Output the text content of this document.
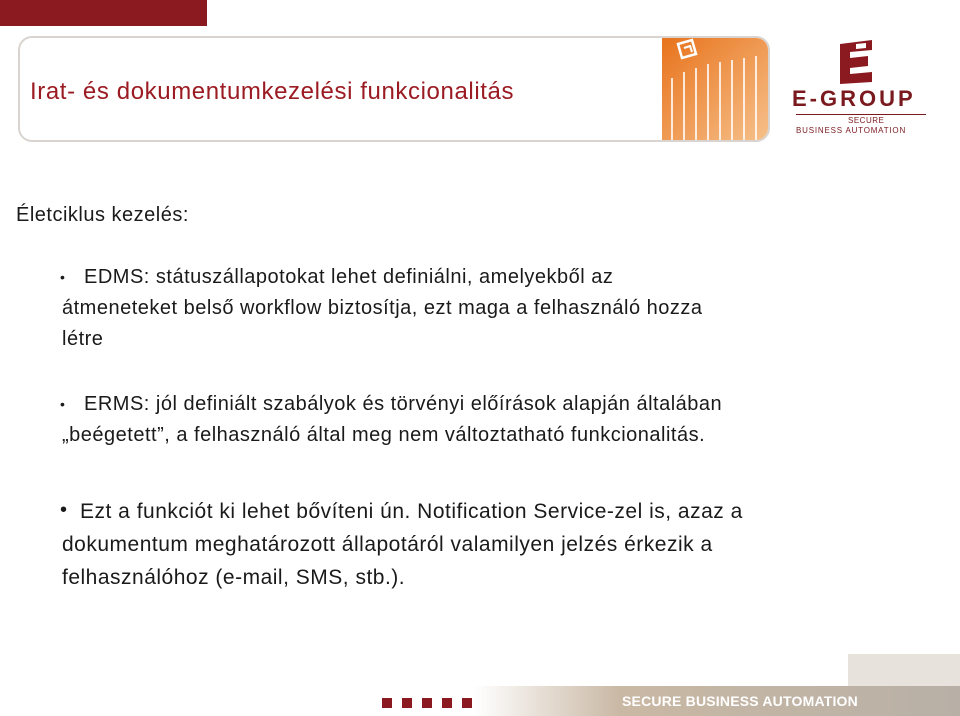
Irat- és dokumentumkezelési funkcionalitás	E-GROUP
SECURE
BUSINESS AUTOMATION
Életciklus kezelés:
• EDMS: státuszállapotokat lehet definiálni, amelyekből az
átmeneteket belső workflow biztosítja, ezt maga a felhasználó hozza
létre
• ERMS: jól definiált szabályok és törvényi előírások alapján általában
„beégetett”, a felhasználó által meg nem változtatható funkcionalitás.
• Ezt a funkciót ki lehet bővíteni ún. Notification Service-zel is, azaz a
dokumentum meghatározott állapotáról valamilyen jelzés érkezik a
felhasználóhoz (e-mail, SMS, stb.).
SECURE BUSINESS AUTOMATION
